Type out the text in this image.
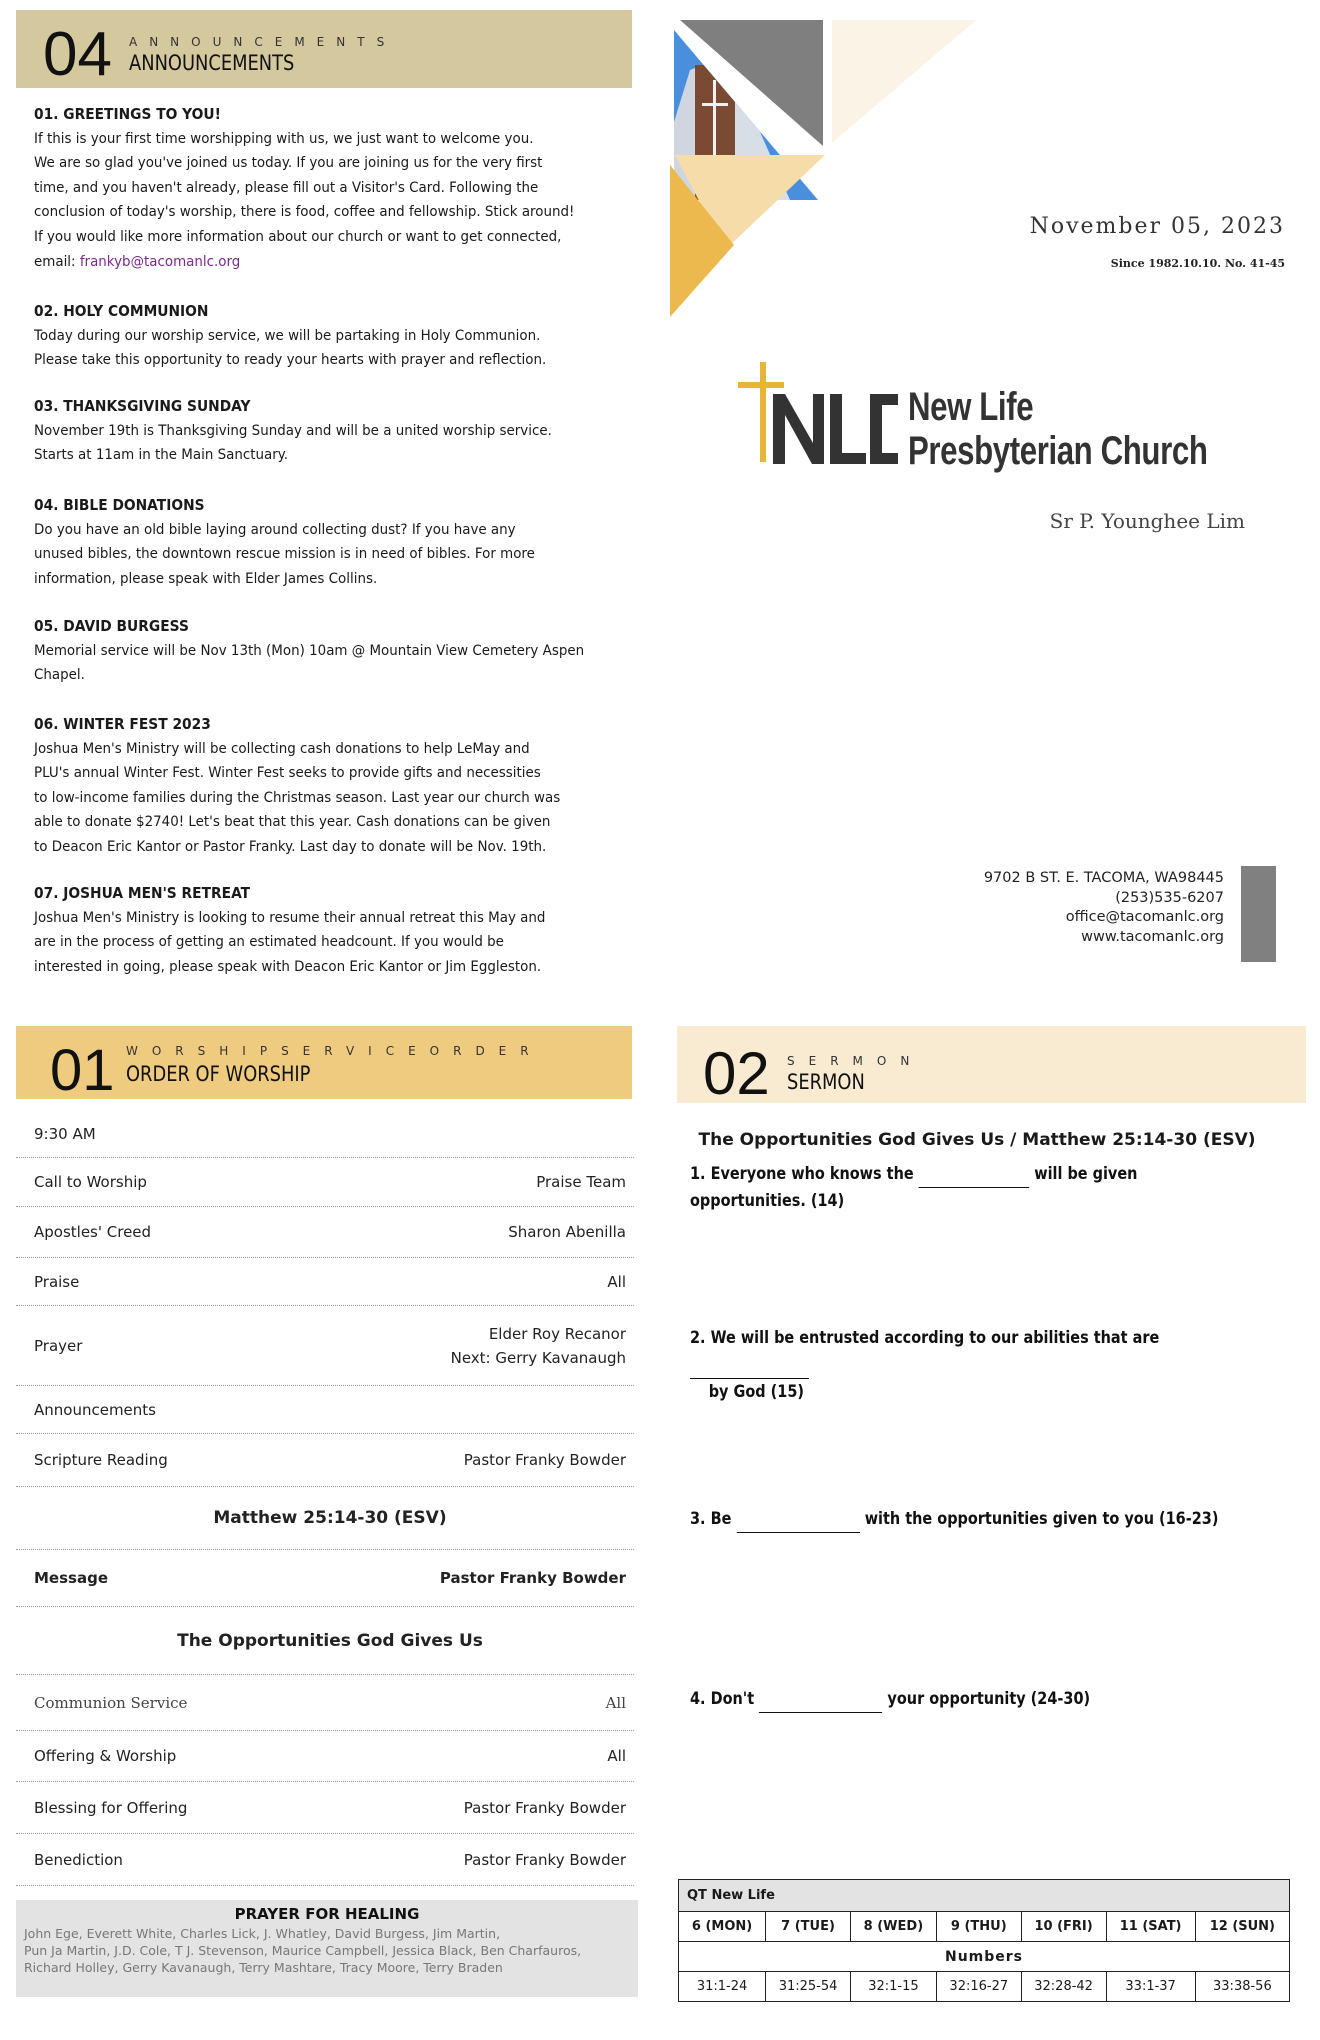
04 ANNOUNCEMENTS
ANNOUNCEMENTS
01. GREETINGS TO YOU!
If this is your first time worshipping with us, we just want to welcome you.
We are so glad you've joined us today. If you are joining us for the very first
time, and you haven't already, please fill out a Visitor's Card. Following the
conclusion of today's worship, there is food, coffee and fellowship. Stick around!
If you would like more information about our church or want to get connected,
email: frankyb@tacomanlc.org
02. HOLY COMMUNION
Today during our worship service, we will be partaking in Holy Communion.
Please take this opportunity to ready your hearts with prayer and reflection.
03. THANKSGIVING SUNDAY
November 19th is Thanksgiving Sunday and will be a united worship service.
Starts at 11am in the Main Sanctuary.
04. BIBLE DONATIONS
Do you have an old bible laying around collecting dust? If you have any
unused bibles, the downtown rescue mission is in need of bibles. For more
information, please speak with Elder James Collins.
05. DAVID BURGESS
Memorial service will be Nov 13th (Mon) 10am @ Mountain View Cemetery Aspen
Chapel.
06. WINTER FEST 2023
Joshua Men's Ministry will be collecting cash donations to help LeMay and
PLU's annual Winter Fest. Winter Fest seeks to provide gifts and necessities
to low-income families during the Christmas season. Last year our church was
able to donate $2740! Let's beat that this year. Cash donations can be given
to Deacon Eric Kantor or Pastor Franky. Last day to donate will be Nov. 19th.
07. JOSHUA MEN'S RETREAT
Joshua Men's Ministry is looking to resume their annual retreat this May and
are in the process of getting an estimated headcount. If you would be
interested in going, please speak with Deacon Eric Kantor or Jim Eggleston.
November 05, 2023
Since 1982.10.10. No. 41-45
New Life
Presbyterian Church
Sr P. Younghee Lim
9702 B ST. E. TACOMA, WA98445
(253)535-6207
office@tacomanlc.org
www.tacomanlc.org
01 WORSHIPSERVICEORDER
ORDER OF WORSHIP
9:30 AM
Call to Worship	Praise Team
Apostles' Creed	Sharon Abenilla
Praise	All
Prayer
Elder Roy Recanor
Next: Gerry Kavanaugh
Announcements
Scripture Reading	Pastor Franky Bowder
Matthew 25:14-30 (ESV)
Message	Pastor Franky Bowder
The Opportunities God Gives Us
Communion Service	All
Offering & Worship	All
Blessing for Offering	Pastor Franky Bowder
Benediction	Pastor Franky Bowder
PRAYER FOR HEALING

John Ege, Everett White, Charles Lick, J. Whatley, David Burgess, Jim Martin,
Pun Ja Martin, J.D. Cole, T J. Stevenson, Maurice Campbell, Jessica Black, Ben Charfauros,
Richard Holley, Gerry Kavanaugh, Terry Mashtare, Tracy Moore, Terry Braden

02 SERMON
SERMON
The Opportunities God Gives Us / Matthew 25:14-30 (ESV)
1. Everyone who knows the	will be given opportunities. (14)
2. We will be entrusted according to our abilities that are
by God (15)
3. Be	with the opportunities given to you (16-23)
4. Don't	your opportunity (24-30)
QT New Life						
6 (MON)	7 (TUE)	8 (WED)	9 (THU)	10 (FRI)	11 (SAT)	12 (SUN)
Numbers						
31:1-24	31:25-54	32:1-15	32:16-27	32:28-42	33:1-37	33:38-56
